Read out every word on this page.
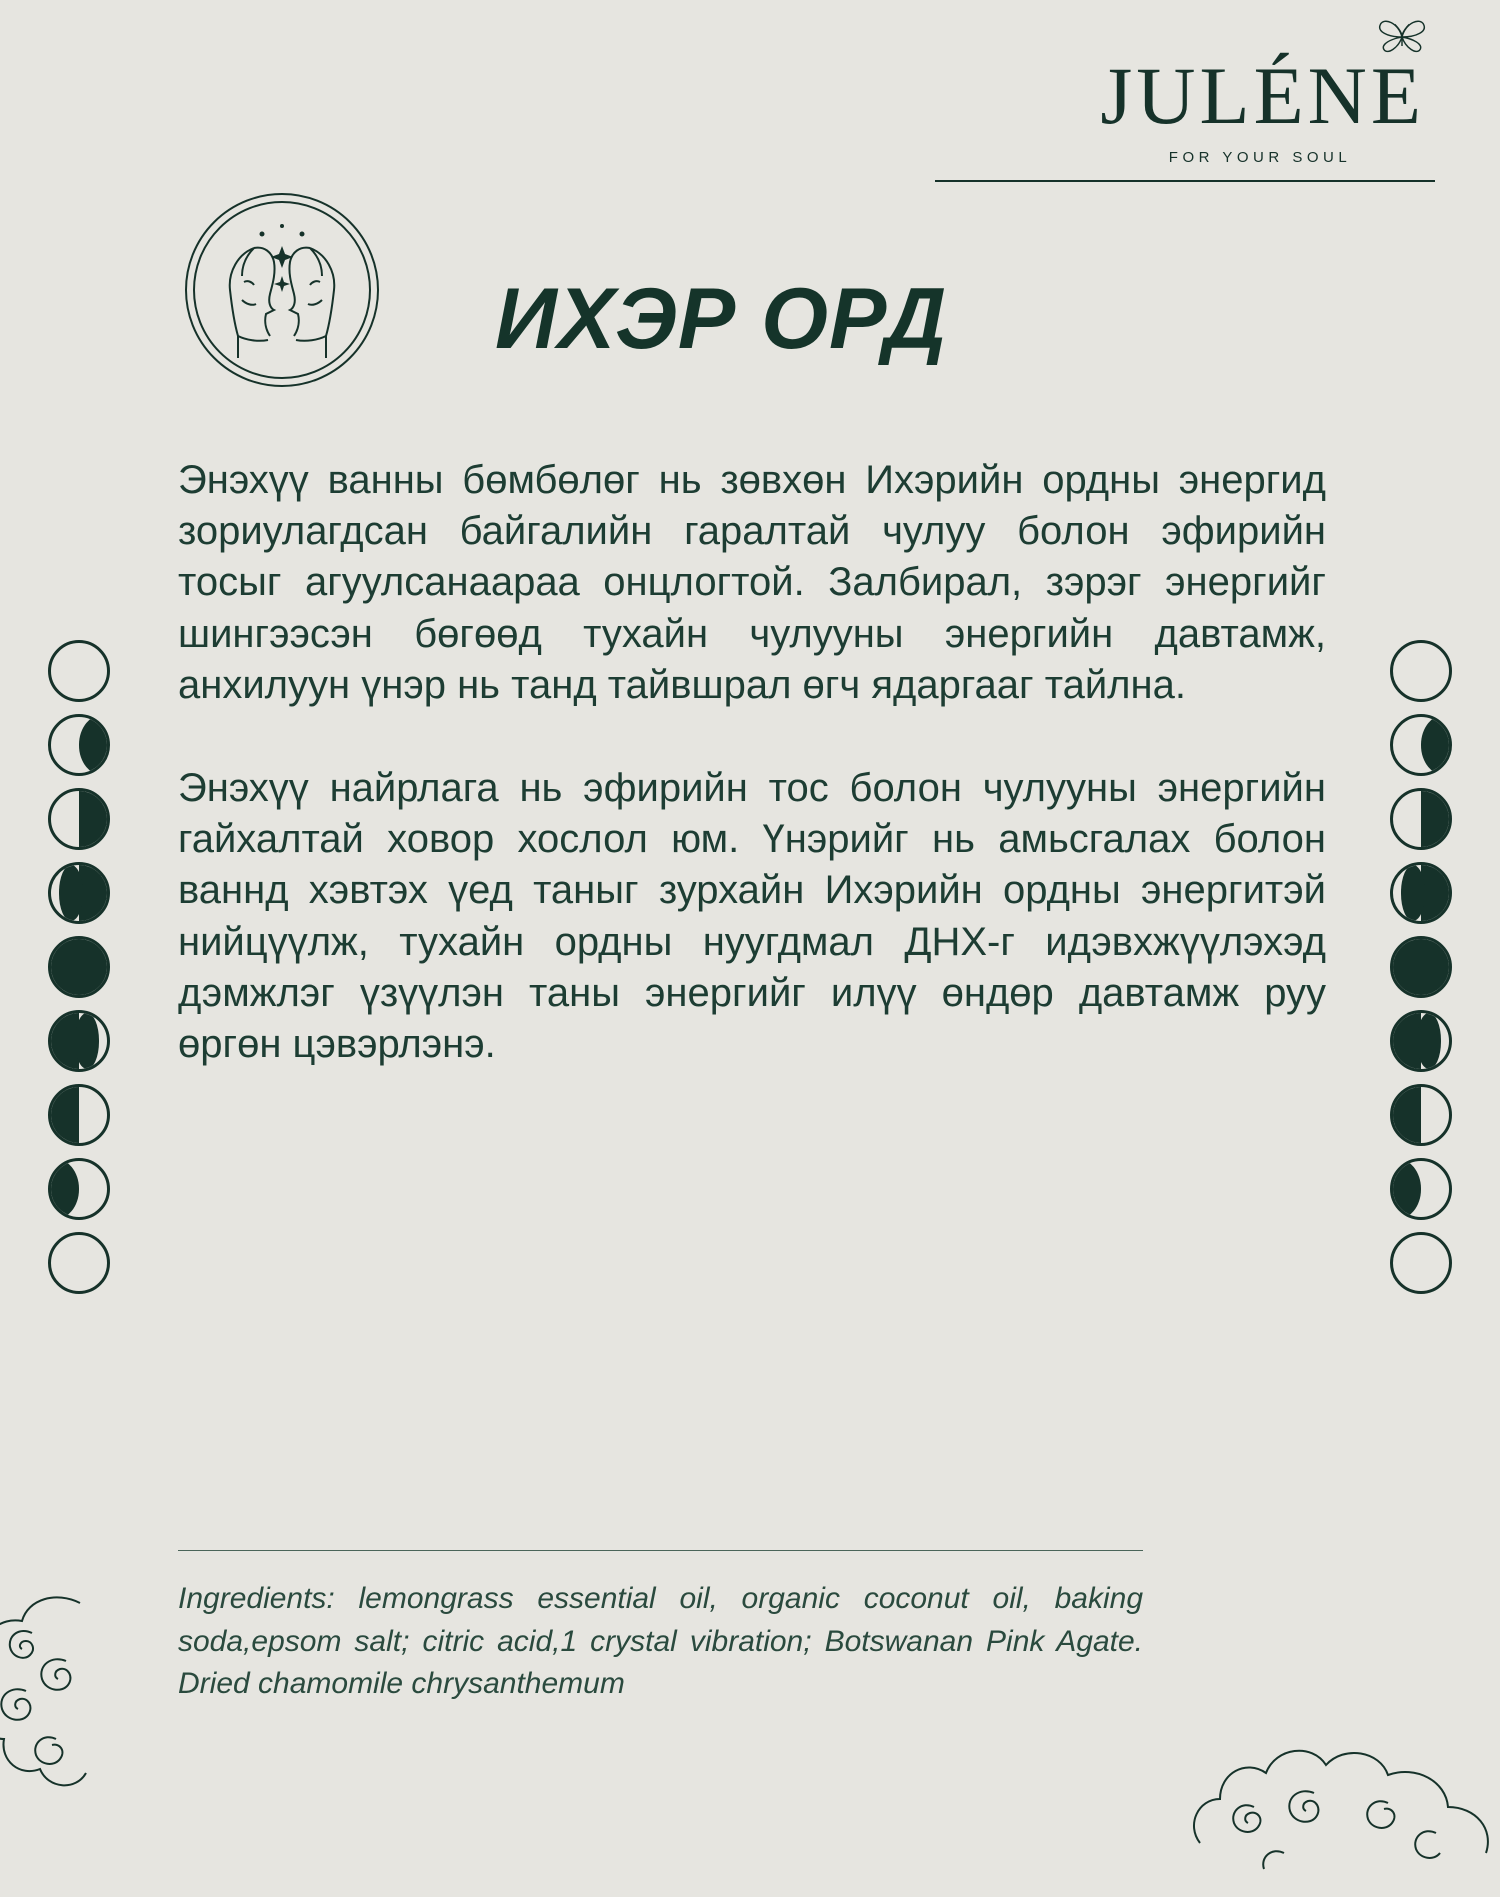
JULÉNE
FOR YOUR SOUL
ИХЭР ОРД

Энэхүү ванны бөмбөлөг нь зөвхөн Ихэрийн ордны энергид зориулагдсан байгалийн гаралтай чулуу болон эфирийн тосыг агуулсанаараа онцлогтой. Залбирал, зэрэг энергийг шингээсэн бөгөөд тухайн чулууны энергийн давтамж, анхилуун үнэр нь танд тайвшрал өгч ядаргааг тайлна.

Энэхүү найрлага нь эфирийн тос болон чулууны энергийн гайхалтай ховор хослол юм. Үнэрийг нь амьсгалах болон ваннд хэвтэх үед таныг зурхайн Ихэрийн ордны энергитэй нийцүүлж, тухайн ордны нуугдмал ДНХ-г идэвхжүүлэхэд дэмжлэг үзүүлэн таны энергийг илүү өндөр давтамж руу өргөн цэвэрлэнэ.

Ingredients: lemongrass essential oil, organic coconut oil, baking soda,epsom salt; citric acid,1 crystal vibration; Botswanan Pink Agate. Dried chamomile chrysanthemum
